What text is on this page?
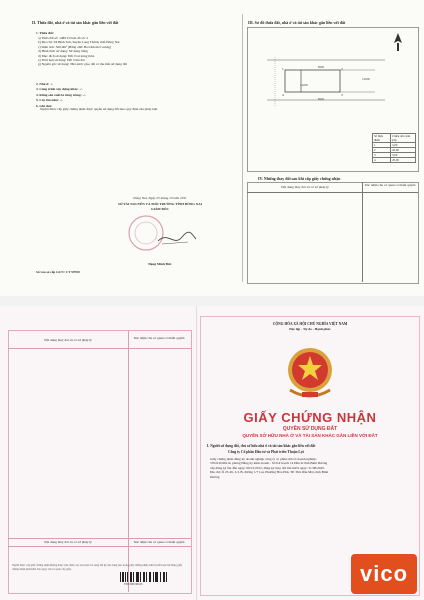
II. Thửa đất, nhà ở và tài sản khác gắn liền với đất
1. Thửa đất:
a) Thửa đất số: 1489 Tờ bản đồ số: 2
b) Địa chỉ: Xã Bình Sơn, huyện Long Thành, tỉnh Đồng Nai
c) Diện tích: 300,0m² (Bằng chữ: Ba trăm mét vuông)
d) Hình thức sử dụng: Sử dụng riêng
đ) Mục đích sử dụng: Đất ở tại nông thôn
e) Thời hạn sử dụng: Đất ở lâu dài
g) Nguồn gốc sử dụng: Nhà nước giao đất có thu tiền sử dụng đất
2. Nhà ở: -/-
3. Công trình xây dựng khác: -/-
4. Rừng sản xuất là rừng trồng: -/-
5. Cây lâu năm: -/-
6. Ghi chú:
Người được cấp giấy chứng nhận được quyền sử dụng đất theo quy định của pháp luật.
Đồng Nai, Ngày 25 tháng 10 năm 2011
SỞ TÀI NGUYÊN VÀ MÔI TRƯỜNG TỈNH ĐỒNG NAI
GIÁM ĐỐC
Đặng Minh Đức
Số vào sổ cấp GCN: CT 59700
III. Sơ đồ thửa đất, nhà ở và tài sản khác gắn liền với đất
8.00
10,00
8,00
10,00
1	2
3
4
Số hiệu điểm	Chiều dài cạnh (m)
1	5,00
2	20,00
3	5,00
4	20,00
IV. Những thay đổi sau khi cấp giấy chứng nhận
Nội dung thay đổi và cơ sở pháp lý	Xác nhận của cơ quan có thẩm quyền
Nội dung thay đổi và cơ sở pháp lý	Xác nhận của cơ quan có thẩm quyền
Nội dung thay đổi và cơ sở pháp lý	Xác nhận của cơ quan có thẩm quyền
Người được cấp giấy chứng nhận không được sửa chữa, tẩy xóa hoặc bổ sung bất kỳ nội dung nào trong giấy chứng nhận; khi bị mất hoặc hư hỏng giấy chứng nhận phải khai báo ngay với cơ quan cấp giấy.
TNN 000 000123
CỘNG HÒA XÃ HỘI CHỦ NGHĨA VIỆT NAM
Độc lập - Tự do - Hạnh phúc
GIẤY CHỨNG NHẬN
QUYỀN SỬ DỤNG ĐẤT
QUYỀN SỞ HỮU NHÀ Ở VÀ TÀI SẢN KHÁC GẮN LIỀN VỚI ĐẤT
I. Người sử dụng đất, chủ sở hữu nhà ở và tài sản khác gắn liền với đất
Công ty Cổ phần Đầu tư và Phát triển Thuận Lợi
Giấy chứng nhận đăng ký doanh nghiệp công ty cổ phần; mã số doanh nghiệp:
3702210464 do phòng Đăng ký kinh doanh - Sở Kế hoạch và Đầu tư tỉnh Bình Dương
cấp đăng ký lần đầu ngày: 09/12/2012; đăng ký thay đổi lần thứ 9 ngày: 31/08/2020.
Địa chỉ: Ô 25-26, L.5-B, đường 1/7 Lại, Phường Hòa Phú, TP. Thủ Dầu Một, tỉnh Bình
Dương
vico
